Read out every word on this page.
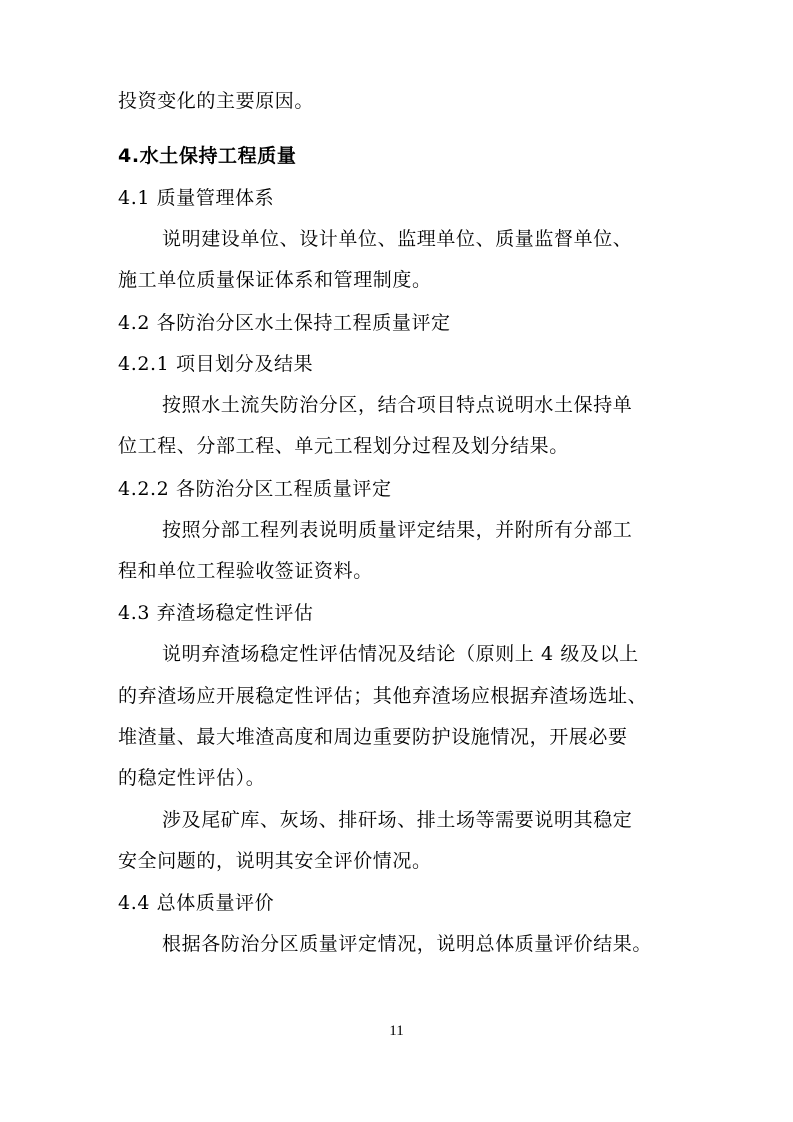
投资变化的主要原因。
4.水土保持工程质量
4.1 质量管理体系
说明建设单位、设计单位、监理单位、质量监督单位、
施工单位质量保证体系和管理制度。
4.2 各防治分区水土保持工程质量评定
4.2.1 项目划分及结果
按照水土流失防治分区，结合项目特点说明水土保持单
位工程、分部工程、单元工程划分过程及划分结果。
4.2.2 各防治分区工程质量评定
按照分部工程列表说明质量评定结果，并附所有分部工
程和单位工程验收签证资料。
4.3 弃渣场稳定性评估
说明弃渣场稳定性评估情况及结论（原则上 4 级及以上
的弃渣场应开展稳定性评估；其他弃渣场应根据弃渣场选址、
堆渣量、最大堆渣高度和周边重要防护设施情况，开展必要
的稳定性评估）。
涉及尾矿库、灰场、排矸场、排土场等需要说明其稳定
安全问题的，说明其安全评价情况。
4.4 总体质量评价
根据各防治分区质量评定情况，说明总体质量评价结果。
11
